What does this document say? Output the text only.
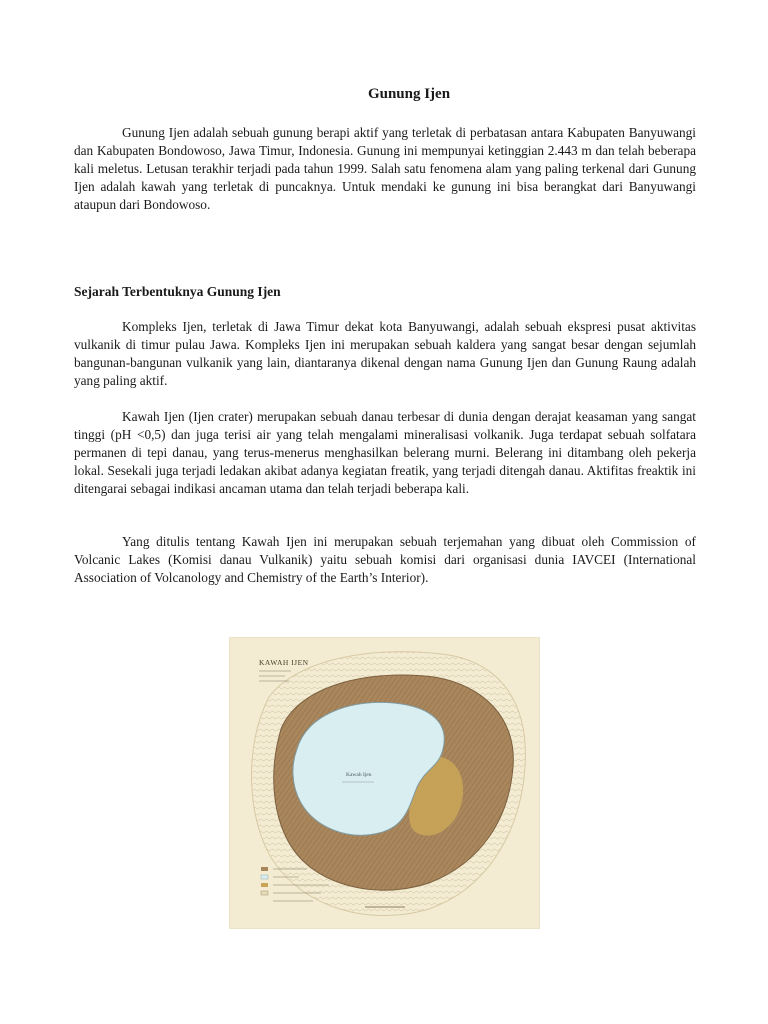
Gunung Ijen

Gunung Ijen adalah sebuah gunung berapi aktif yang terletak di perbatasan antara Kabupaten Banyuwangi dan Kabupaten Bondowoso, Jawa Timur, Indonesia. Gunung ini mempunyai ketinggian 2.443 m dan telah beberapa kali meletus. Letusan terakhir terjadi pada tahun 1999. Salah satu fenomena alam yang paling terkenal dari Gunung Ijen adalah kawah yang terletak di puncaknya. Untuk mendaki ke gunung ini bisa berangkat dari Banyuwangi ataupun dari Bondowoso.

Sejarah Terbentuknya Gunung Ijen

Kompleks Ijen, terletak di Jawa Timur dekat kota Banyuwangi, adalah sebuah ekspresi pusat aktivitas vulkanik di timur pulau Jawa. Kompleks Ijen ini merupakan sebuah kaldera yang sangat besar dengan sejumlah bangunan-bangunan vulkanik yang lain, diantaranya dikenal dengan nama Gunung Ijen dan Gunung Raung adalah yang paling aktif.

Kawah Ijen (Ijen crater) merupakan sebuah danau terbesar di dunia dengan derajat keasaman yang sangat tinggi (pH <0,5) dan juga terisi air yang telah mengalami mineralisasi volkanik. Juga terdapat sebuah solfatara permanen di tepi danau, yang terus-menerus menghasilkan belerang murni. Belerang ini ditambang oleh pekerja lokal. Sesekali juga terjadi ledakan akibat adanya kegiatan freatik, yang terjadi ditengah danau. Aktifitas freaktik ini ditengarai sebagai indikasi ancaman utama dan telah terjadi beberapa kali.

Yang ditulis tentang Kawah Ijen ini merupakan sebuah terjemahan yang dibuat oleh Commission of Volcanic Lakes (Komisi danau Vulkanik) yaitu sebuah komisi dari organisasi dunia IAVCEI (International Association of Volcanology and Chemistry of the Earth’s Interior).

KAWAH IJEN
Kawah Ijen
